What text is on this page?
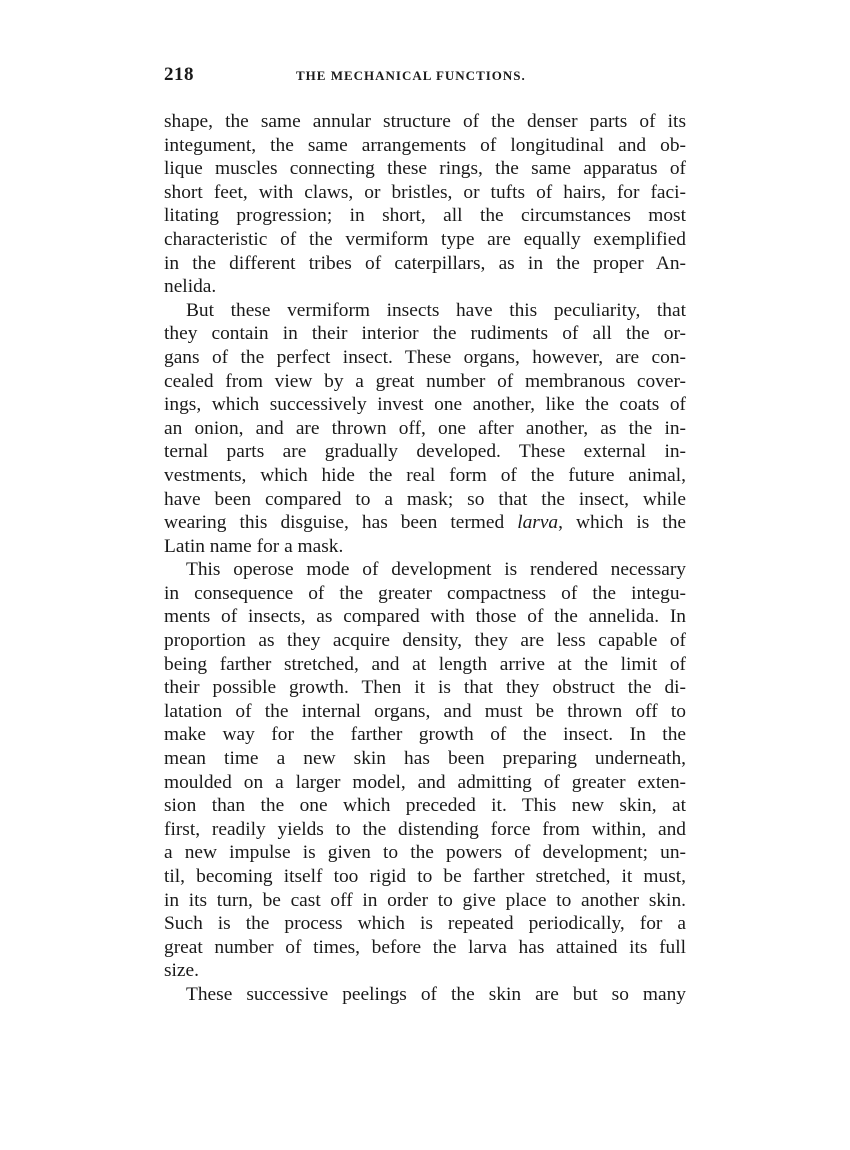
218	THE MECHANICAL FUNCTIONS.
shape, the same annular structure of the denser parts of its
integument, the same arrangements of longitudinal and ob-
lique muscles connecting these rings, the same apparatus of
short feet, with claws, or bristles, or tufts of hairs, for faci-
litating progression; in short, all the circumstances most
characteristic of the vermiform type are equally exemplified
in the different tribes of caterpillars, as in the proper An-
nelida.
But these vermiform insects have this peculiarity, that
they contain in their interior the rudiments of all the or-
gans of the perfect insect. These organs, however, are con-
cealed from view by a great number of membranous cover-
ings, which successively invest one another, like the coats of
an onion, and are thrown off, one after another, as the in-
ternal parts are gradually developed. These external in-
vestments, which hide the real form of the future animal,
have been compared to a mask; so that the insect, while
wearing this disguise, has been termed larva, which is the
Latin name for a mask.
This operose mode of development is rendered necessary
in consequence of the greater compactness of the integu-
ments of insects, as compared with those of the annelida. In
proportion as they acquire density, they are less capable of
being farther stretched, and at length arrive at the limit of
their possible growth. Then it is that they obstruct the di-
latation of the internal organs, and must be thrown off to
make way for the farther growth of the insect. In the
mean time a new skin has been preparing underneath,
moulded on a larger model, and admitting of greater exten-
sion than the one which preceded it. This new skin, at
first, readily yields to the distending force from within, and
a new impulse is given to the powers of development; un-
til, becoming itself too rigid to be farther stretched, it must,
in its turn, be cast off in order to give place to another skin.
Such is the process which is repeated periodically, for a
great number of times, before the larva has attained its full
size.
These successive peelings of the skin are but so many
